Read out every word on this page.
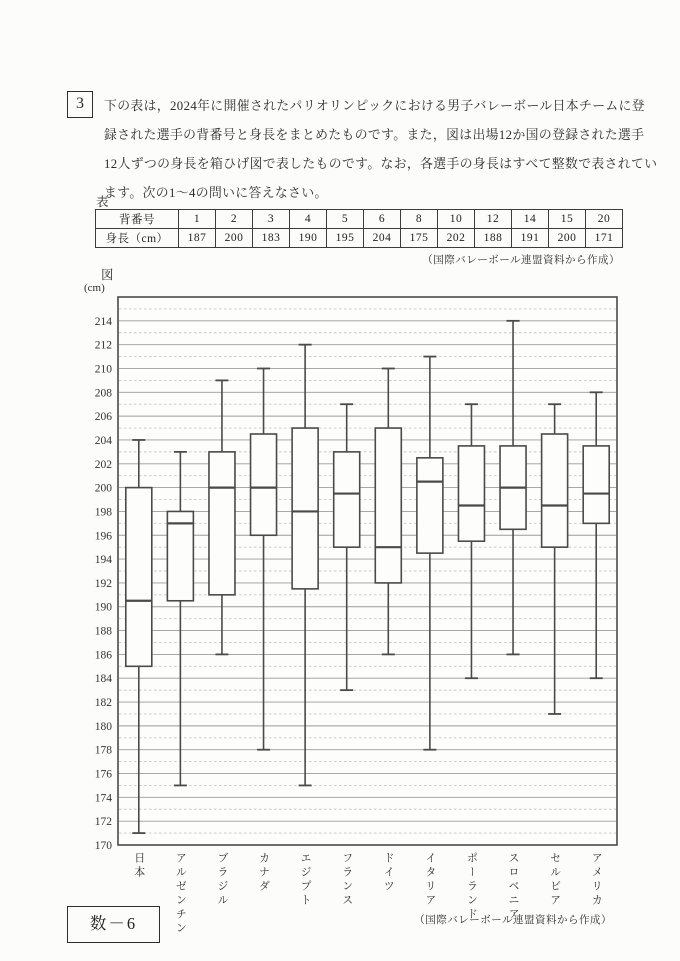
3	下の表は，2024年に開催されたパリオリンピックにおける男子バレーボール日本チームに登
録された選手の背番号と身長をまとめたものです。また，図は出場12か国の登録された選手
12人ずつの身長を箱ひげ図で表したものです。なお，各選手の身長はすべて整数で表されてい
ます。次の1～4の問いに答えなさい。
表
背番号	1	2	3	4	5	6	8	10	12	14	15	20
身長（cm）	187	200	183	190	195	204	175	202	188	191	200	171
（国際バレーボール連盟資料から作成）
図
(cm)
170
172
174
176
178
180
182
184
186
188
190
192
194
196
198
200
202
204
206
208
210
212
214
日本	アルゼンチン	ブラジル	カナダ	エジプト	フランス	ドイツ	イタリア	ポーランド	スロベニア	セルビア	アメリカ
数－6	（国際バレーボール連盟資料から作成）
